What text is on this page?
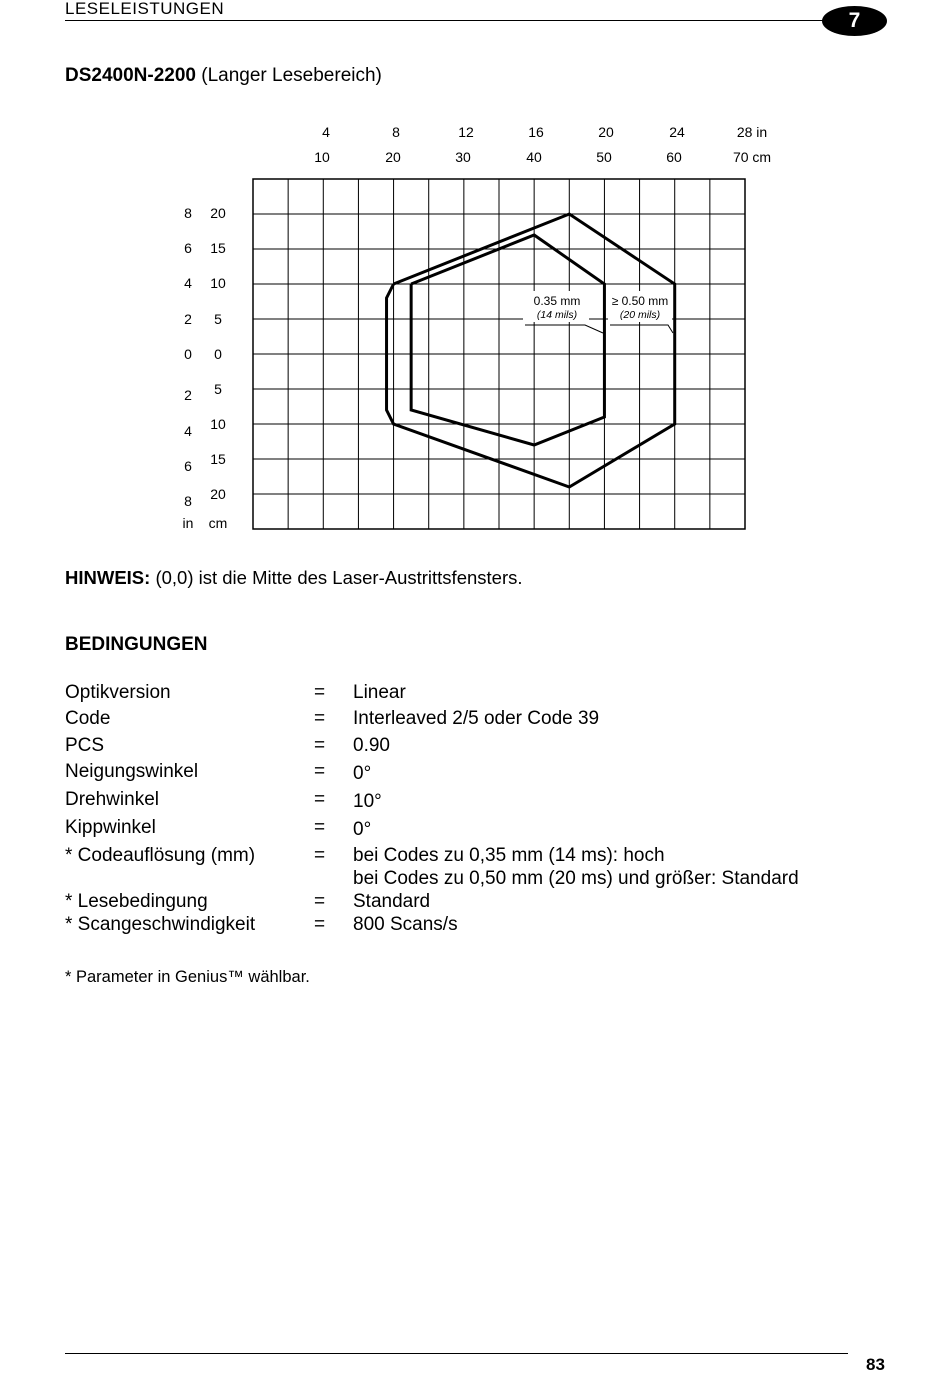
LESELEISTUNGEN
7
DS2400N-2200 (Langer Lesebereich)
4	8	12	16	20	24	28 in
10	20	30	40	50	60	70 cm
8
6
4
2
0
2
4
6
8
in
20
15
10
5
0
5
10
15
20
cm
0.35 mm
(14 mils)
≥ 0.50 mm
(20 mils)
HINWEIS: (0,0) ist die Mitte des Laser-Austrittsfensters.
BEDINGUNGEN
Optikversion	= Linear
Code	= Interleaved 2/5 oder Code 39
PCS	= 0.90
Neigungswinkel	= 0°
Drehwinkel	= 10°
Kippwinkel	= 0°
* Codeauflösung (mm)	= bei Codes zu 0,35 mm (14 ms): hoch
bei Codes zu 0,50 mm (20 ms) und größer: Standard
* Lesebedingung	= Standard
* Scangeschwindigkeit	= 800 Scans/s
* Parameter in Genius™ wählbar.
83
